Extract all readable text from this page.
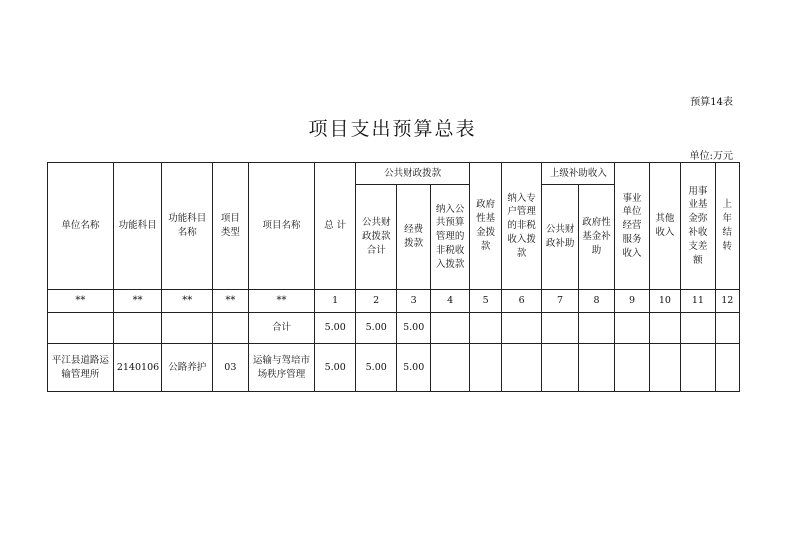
预算14表
项目支出预算总表
单位:万元
单位名称	功能科目	功能科目名称	项目类型	项目名称	总 计	公共财政拨款			政府性基金拨款	纳入专户管理的非税收入拨款	上级补助收入		事业单位经营服务收入	其他收入	用事业基金弥补收支差额	上年结转
						公共财政拨款合计	经费拨款	纳入公共预算管理的非税收入拨款			公共财政补助	政府性基金补助				
**	**	**	**	**	1	2	3	4	5	6	7	8	9	10	11	12
				合计	5.00	5.00	5.00									
平江县道路运输管理所	2140106	公路养护	03	运输与驾培市场秩序管理	5.00	5.00	5.00									
